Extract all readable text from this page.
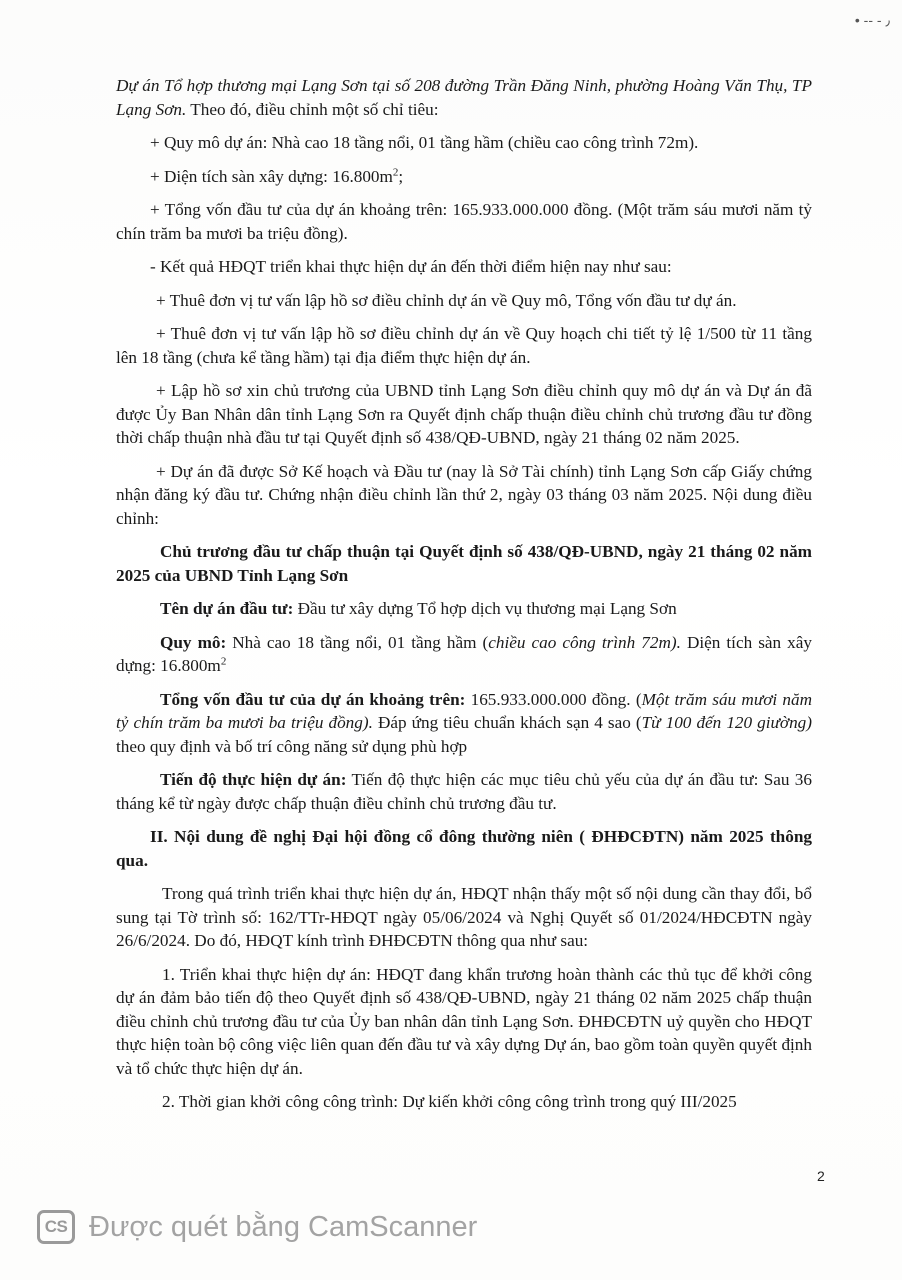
• -- - ٫

Dự án Tổ hợp thương mại Lạng Sơn tại số 208 đường Trần Đăng Ninh, phường Hoàng Văn Thụ, TP Lạng Sơn. Theo đó, điều chỉnh một số chỉ tiêu:

+ Quy mô dự án: Nhà cao 18 tầng nổi, 01 tầng hầm (chiều cao công trình 72m).

+ Diện tích sàn xây dựng: $16.800m^2$;

+ Tổng vốn đầu tư của dự án khoảng trên: 165.933.000.000 đồng. (Một trăm sáu mươi năm tỷ chín trăm ba mươi ba triệu đồng).

- Kết quả HĐQT triển khai thực hiện dự án đến thời điểm hiện nay như sau:

+ Thuê đơn vị tư vấn lập hồ sơ điều chỉnh dự án về Quy mô, Tổng vốn đầu tư dự án.

+ Thuê đơn vị tư vấn lập hồ sơ điều chỉnh dự án về Quy hoạch chi tiết tỷ lệ 1/500 từ 11 tầng lên 18 tầng (chưa kể tầng hầm) tại địa điểm thực hiện dự án.

+ Lập hồ sơ xin chủ trương của UBND tỉnh Lạng Sơn điều chỉnh quy mô dự án và Dự án đã được Ủy Ban Nhân dân tỉnh Lạng Sơn ra Quyết định chấp thuận điều chỉnh chủ trương đầu tư đồng thời chấp thuận nhà đầu tư tại Quyết định số 438/QĐ-UBND, ngày 21 tháng 02 năm 2025.

+ Dự án đã được Sở Kế hoạch và Đầu tư (nay là Sở Tài chính) tỉnh Lạng Sơn cấp Giấy chứng nhận đăng ký đầu tư. Chứng nhận điều chỉnh lần thứ 2, ngày 03 tháng 03 năm 2025. Nội dung điều chỉnh:

Chủ trương đầu tư chấp thuận tại Quyết định số 438/QĐ-UBND, ngày 21 tháng 02 năm 2025 của UBND Tỉnh Lạng Sơn

Tên dự án đầu tư: Đầu tư xây dựng Tổ hợp dịch vụ thương mại Lạng Sơn

Quy mô: Nhà cao 18 tầng nổi, 01 tầng hầm (chiều cao công trình 72m). Diện tích sàn xây dựng: $16.800m^2$

Tổng vốn đầu tư của dự án khoảng trên: 165.933.000.000 đồng. (Một trăm sáu mươi năm tỷ chín trăm ba mươi ba triệu đồng). Đáp ứng tiêu chuẩn khách sạn 4 sao (Từ 100 đến 120 giường) theo quy định và bố trí công năng sử dụng phù hợp

Tiến độ thực hiện dự án: Tiến độ thực hiện các mục tiêu chủ yếu của dự án đầu tư: Sau 36 tháng kể từ ngày được chấp thuận điều chỉnh chủ trương đầu tư.

II. Nội dung đề nghị Đại hội đồng cổ đông thường niên ( ĐHĐCĐTN) năm 2025 thông qua.

Trong quá trình triển khai thực hiện dự án, HĐQT nhận thấy một số nội dung cần thay đổi, bổ sung tại Tờ trình số: 162/TTr-HĐQT ngày 05/06/2024 và Nghị Quyết số 01/2024/HĐCĐTN ngày 26/6/2024. Do đó, HĐQT kính trình ĐHĐCĐTN thông qua như sau:

1. Triển khai thực hiện dự án: HĐQT đang khẩn trương hoàn thành các thủ tục để khởi công dự án đảm bảo tiến độ theo Quyết định số 438/QĐ-UBND, ngày 21 tháng 02 năm 2025 chấp thuận điều chỉnh chủ trương đầu tư của Ủy ban nhân dân tỉnh Lạng Sơn. ĐHĐCĐTN uỷ quyền cho HĐQT thực hiện toàn bộ công việc liên quan đến đầu tư và xây dựng Dự án, bao gồm toàn quyền quyết định và tổ chức thực hiện dự án.

2. Thời gian khởi công công trình: Dự kiến khởi công công trình trong quý III/2025

2
CS Được quét bằng CamScanner
